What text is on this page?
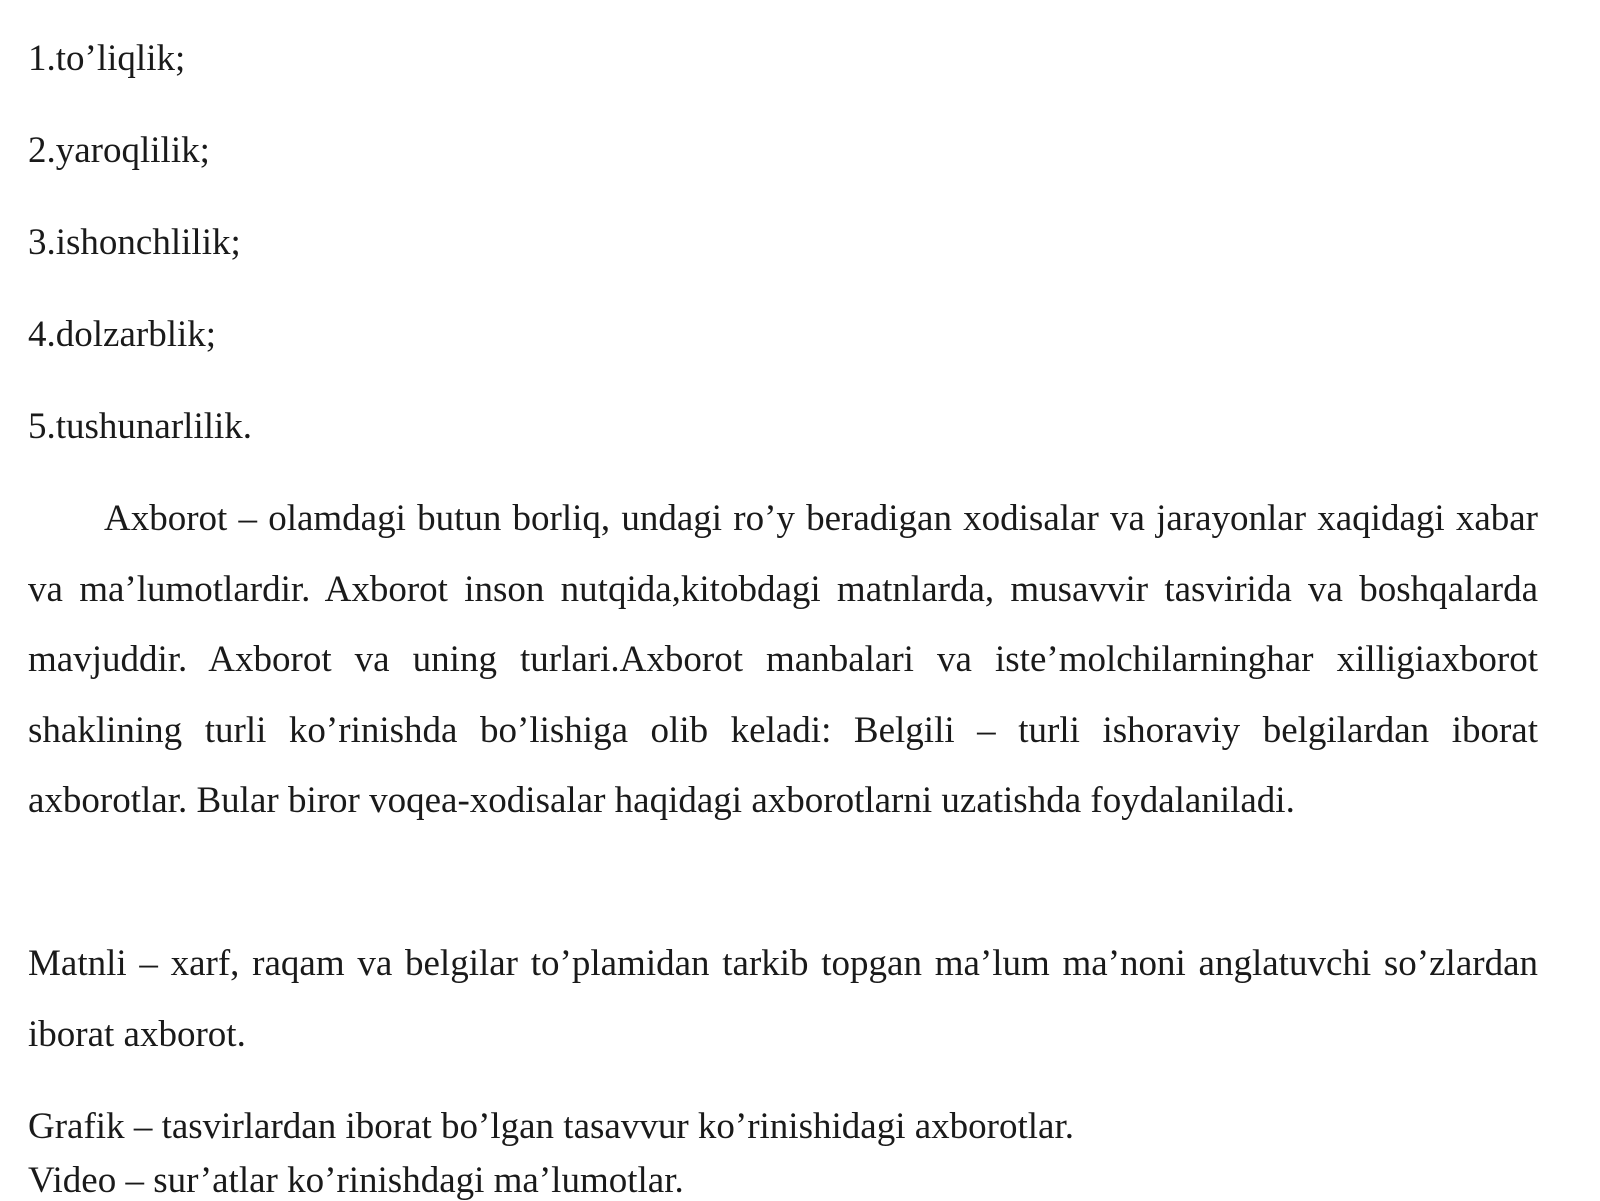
1.to’liqlik;
2.yaroqlilik;
3.ishonchlilik;
4.dolzarblik;
5.tushunarlilik.

Axborot – olamdagi butun borliq, undagi ro’y beradigan xodisalar va jarayonlar xaqidagi xabar va ma’lumotlardir. Axborot inson nutqida,kitobdagi matnlarda, musavvir tasvirida va boshqalarda mavjuddir. Axborot va uning turlari.Axborot manbalari va iste’molchilarninghar xilligiaxborot shaklining turli ko’rinishda bo’lishiga olib keladi: Belgili – turli ishoraviy belgilardan iborat axborotlar. Bular biror voqea-xodisalar haqidagi axborotlarni uzatishda foydalaniladi.

Matnli – xarf, raqam va belgilar to’plamidan tarkib topgan ma’lum ma’noni anglatuvchi so’zlardan iborat axborot.

Grafik – tasvirlardan iborat bo’lgan tasavvur ko’rinishidagi axborotlar.
Video – sur’atlar ko’rinishdagi ma’lumotlar.
